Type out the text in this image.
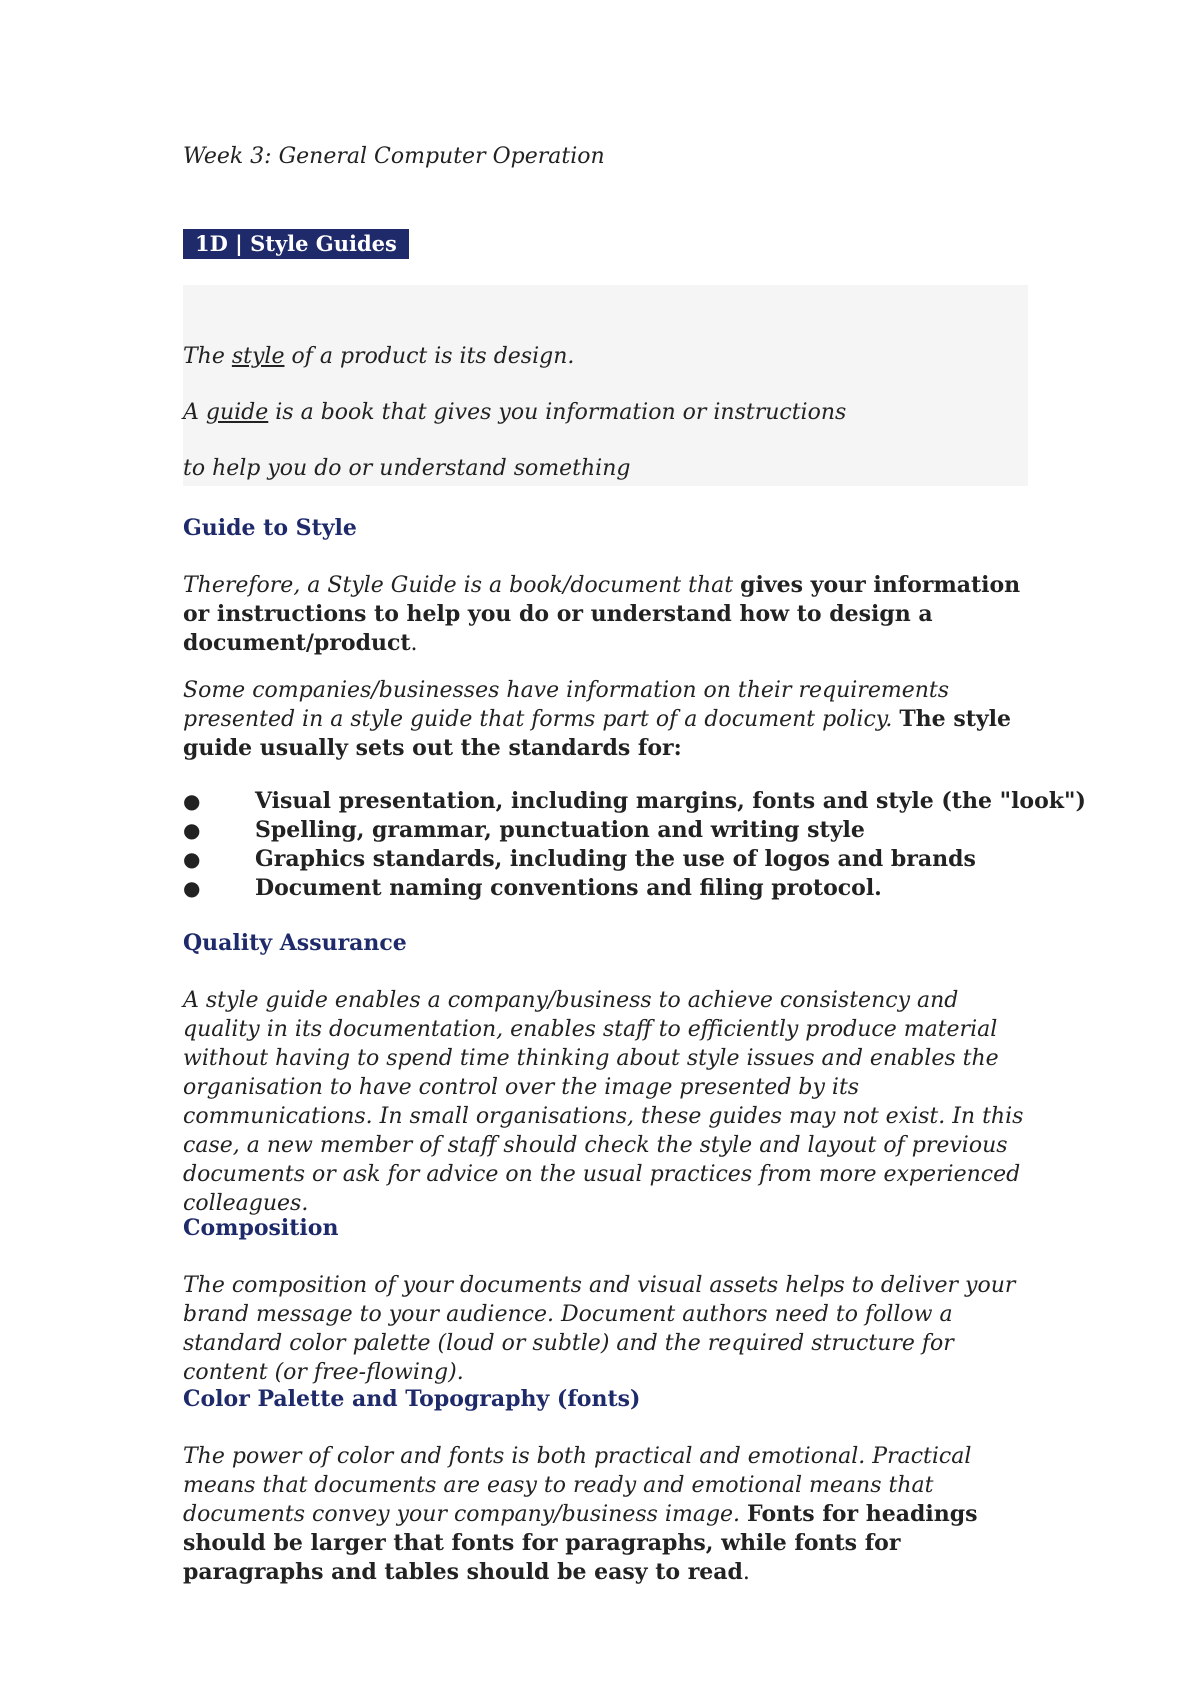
Week 3: General Computer Operation
1D | Style Guides
The style of a product is its design.
A guide is a book that gives you information or instructions
to help you do or understand something
Guide to Style
Therefore, a Style Guide is a book/document that gives your information or instructions to help you do or understand how to design a document/product.
Some companies/businesses have information on their requirements presented in a style guide that forms part of a document policy. The style guide usually sets out the standards for:
● Visual presentation, including margins, fonts and style (the "look")
● Spelling, grammar, punctuation and writing style
● Graphics standards, including the use of logos and brands
● Document naming conventions and filing protocol.
Quality Assurance
A style guide enables a company/business to achieve consistency and quality in its documentation, enables staff to efficiently produce material without having to spend time thinking about style issues and enables the organisation to have control over the image presented by its communications. In small organisations, these guides may not exist. In this case, a new member of staff should check the style and layout of previous documents or ask for advice on the usual practices from more experienced colleagues.
Composition
The composition of your documents and visual assets helps to deliver your brand message to your audience. Document authors need to follow a standard color palette (loud or subtle) and the required structure for content (or free-flowing).
Color Palette and Topography (fonts)
The power of color and fonts is both practical and emotional. Practical means that documents are easy to ready and emotional means that documents convey your company/business image. Fonts for headings should be larger that fonts for paragraphs, while fonts for paragraphs and tables should be easy to read.
